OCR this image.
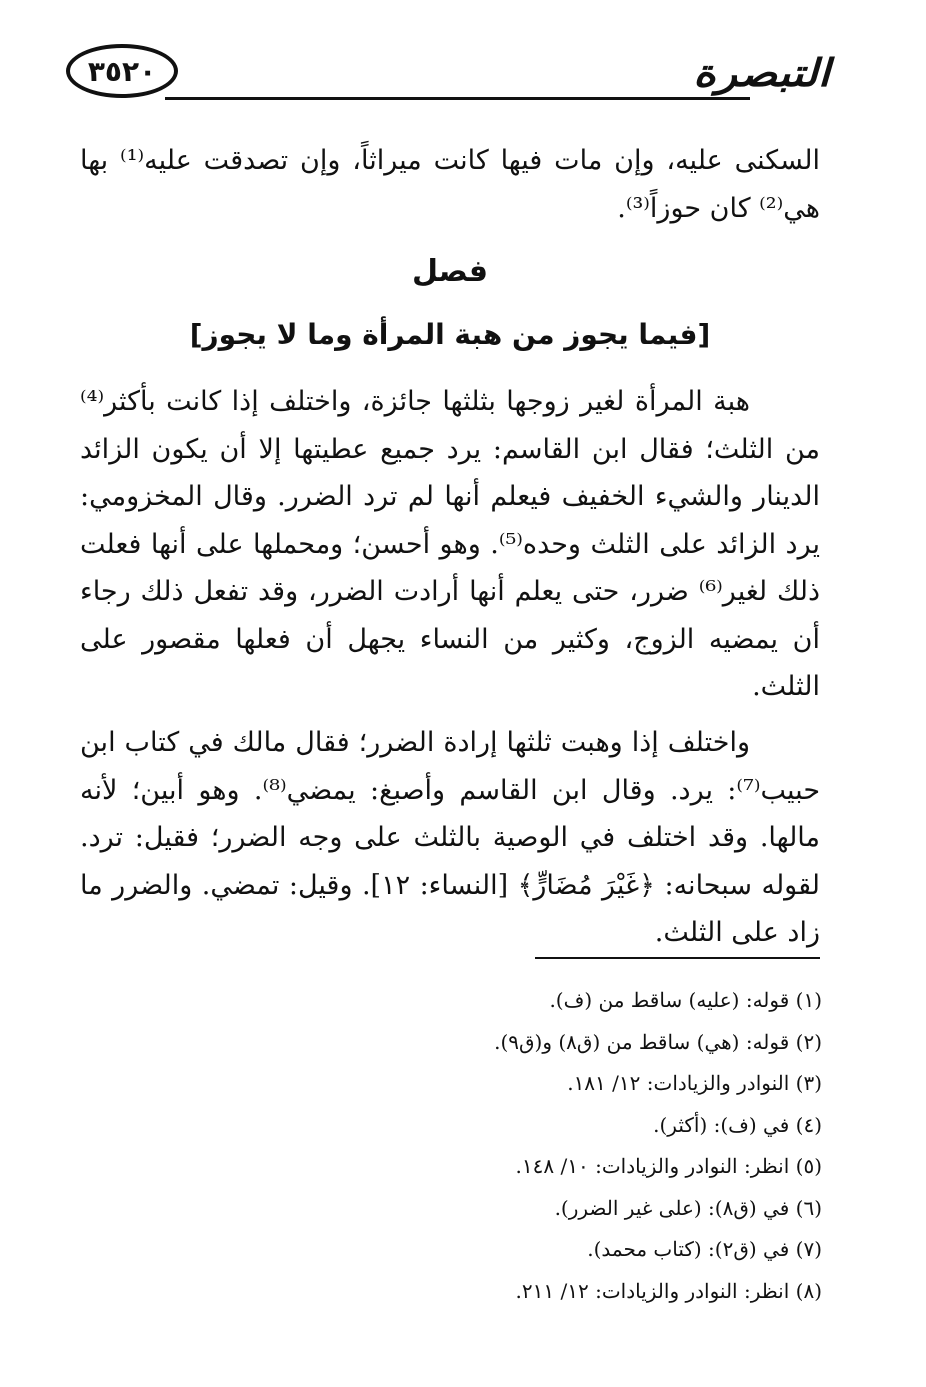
التبصرة
٣٥٢٠
السكنى عليه، وإن مات فيها كانت ميراثاً، وإن تصدقت عليه⁽¹⁾ بها هي⁽²⁾ كان حوزاً⁽³⁾.
فصل
[فيما يجوز من هبة المرأة وما لا يجوز]
هبة المرأة لغير زوجها بثلثها جائزة، واختلف إذا كانت بأكثر⁽⁴⁾ من الثلث؛ فقال ابن القاسم: يرد جميع عطيتها إلا أن يكون الزائد الدينار والشيء الخفيف فيعلم أنها لم ترد الضرر. وقال المخزومي: يرد الزائد على الثلث وحده⁽⁵⁾. وهو أحسن؛ ومحملها على أنها فعلت ذلك لغير⁽⁶⁾ ضرر، حتى يعلم أنها أرادت الضرر، وقد تفعل ذلك رجاء أن يمضيه الزوج، وكثير من النساء يجهل أن فعلها مقصور على الثلث.
واختلف إذا وهبت ثلثها إرادة الضرر؛ فقال مالك في كتاب ابن حبيب⁽⁷⁾: يرد. وقال ابن القاسم وأصبغ: يمضي⁽⁸⁾. وهو أبين؛ لأنه مالها. وقد اختلف في الوصية بالثلث على وجه الضرر؛ فقيل: ترد. لقوله سبحانه: ﴿غَيْرَ مُضَارٍّ﴾ [النساء: ١٢]. وقيل: تمضي. والضرر ما زاد على الثلث.
(١) قوله: (عليه) ساقط من (ف).
(٢) قوله: (هي) ساقط من (ق٨) و(ق٩).
(٣) النوادر والزيادات: ١٢/ ١٨١.
(٤) في (ف): (أكثر).
(٥) انظر: النوادر والزيادات: ١٠/ ١٤٨.
(٦) في (ق٨): (على غير الضرر).
(٧) في (ق٢): (كتاب محمد).
(٨) انظر: النوادر والزيادات: ١٢/ ٢١١.
